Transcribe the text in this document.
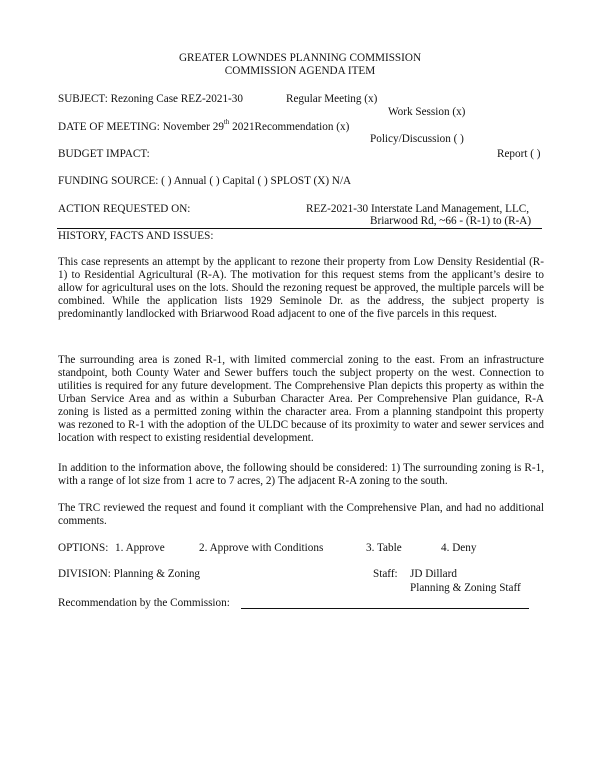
GREATER LOWNDES PLANNING COMMISSION
COMMISSION AGENDA ITEM
SUBJECT: Rezoning Case REZ-2021-30	Regular Meeting (x)
Work Session (x)
DATE OF MEETING: November 29th 2021Recommendation (x)
Policy/Discussion ( )
BUDGET IMPACT:	Report ( )
FUNDING SOURCE: ( ) Annual ( ) Capital ( ) SPLOST (X) N/A
ACTION REQUESTED ON:	REZ-2021-30 Interstate Land Management, LLC,
Briarwood Rd, ~66 - (R-1) to (R-A)
HISTORY, FACTS AND ISSUES:
This case represents an attempt by the applicant to rezone their property from Low Density Residential (R-1) to Residential Agricultural (R-A). The motivation for this request stems from the applicant’s desire to allow for agricultural uses on the lots. Should the rezoning request be approved, the multiple parcels will be combined. While the application lists 1929 Seminole Dr. as the address, the subject property is predominantly landlocked with Briarwood Road adjacent to one of the five parcels in this request.
The surrounding area is zoned R-1, with limited commercial zoning to the east. From an infrastructure standpoint, both County Water and Sewer buffers touch the subject property on the west. Connection to utilities is required for any future development. The Comprehensive Plan depicts this property as within the Urban Service Area and as within a Suburban Character Area. Per Comprehensive Plan guidance, R-A zoning is listed as a permitted zoning within the character area. From a planning standpoint this property was rezoned to R-1 with the adoption of the ULDC because of its proximity to water and sewer services and location with respect to existing residential development.
In addition to the information above, the following should be considered: 1) The surrounding zoning is R-1, with a range of lot size from 1 acre to 7 acres, 2) The adjacent R-A zoning to the south.
The TRC reviewed the request and found it compliant with the Comprehensive Plan, and had no additional comments.
OPTIONS: 1. Approve	2. Approve with Conditions	3. Table	4. Deny
DIVISION: Planning & Zoning	Staff: JD Dillard
Planning & Zoning Staff
Recommendation by the Commission:
